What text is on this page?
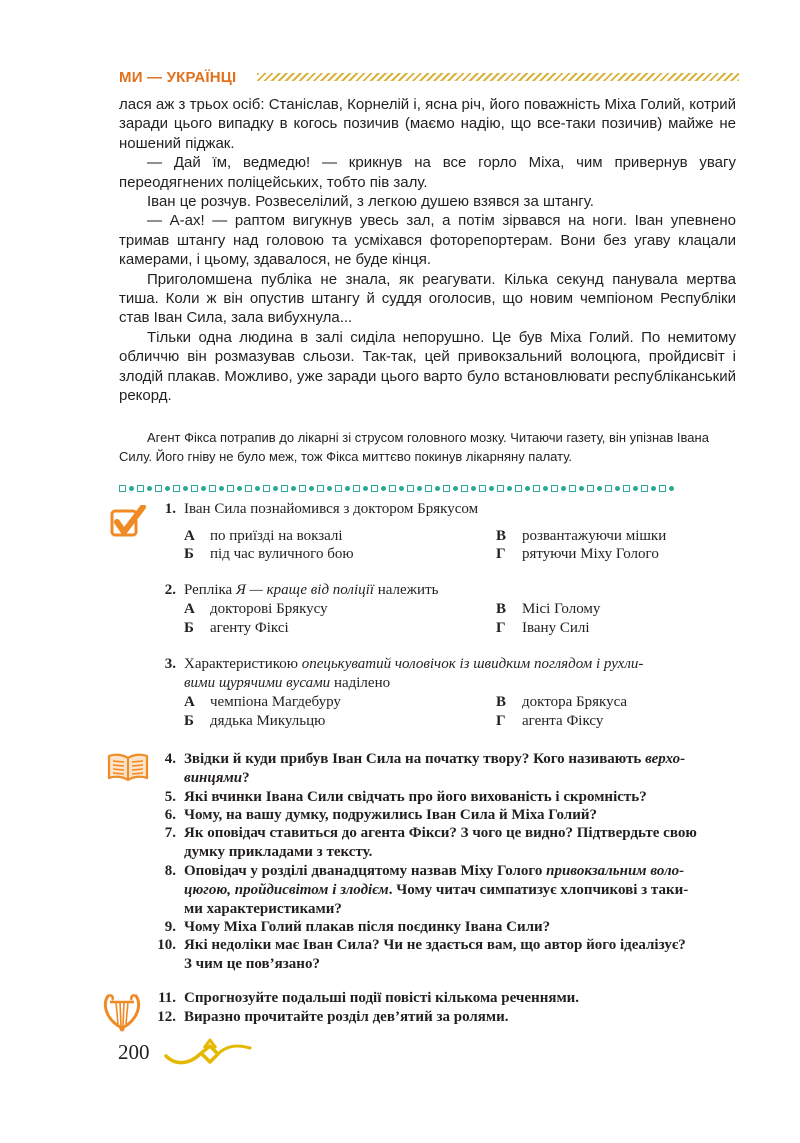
МИ — УКРАЇНЦІ

лася аж з трьох осіб: Станіслав, Корнелій і, ясна річ, його поважність Міха Голий, котрий заради цього випадку в когось позичив (маємо надію, що все-таки позичив) майже не ношений піджак.

— Дай їм, ведмедю! — крикнув на все горло Міха, чим привернув увагу переодягнених поліцейських, тобто пів залу.

Іван це розчув. Розвеселілий, з легкою душею взявся за штангу.

— А-ах! — раптом вигукнув увесь зал, а потім зірвався на ноги. Іван упевнено тримав штангу над головою та усміхався фоторепортерам. Вони без угаву клацали камерами, і цьому, здавалося, не буде кінця.

Приголомшена публіка не знала, як реагувати. Кілька секунд панувала мертва тиша. Коли ж він опустив штангу й суддя оголосив, що новим чемпіоном Республіки став Іван Сила, зала вибухнула...

Тільки одна людина в залі сиділа непорушно. Це був Міха Голий. По немитому обличчю він розмазував сльози. Так-так, цей привокзальний волоцюга, пройдисвіт і злодій плакав. Можливо, уже заради цього варто було встановлювати республіканський рекорд.

Агент Фікса потрапив до лікарні зі струсом головного мозку. Читаючи газету, він упізнав Івана Силу. Його гніву не було меж, тож Фікса миттєво покинув лікарняну палату.

1. Іван Сила познайомився з доктором Брякусом
А по приїзді на вокзалі
Б під час вуличного бою
В розвантажуючи мішки
Г рятуючи Міху Голого
2. Репліка Я — краще від поліції належить
А докторові Брякусу
Б агенту Фіксі
В Місі Голому
Г Івану Силі
3. Характеристикою опецькуватий чоловічок із швидким поглядом і рухли-
вими щурячими вусами наділено
А чемпіона Магдебуру
Б дядька Микульцю
В доктора Брякуса
Г агента Фіксу
4. Звідки й куди прибув Іван Сила на початку твору? Кого називають верхо-
винцями?
5. Які вчинки Івана Сили свідчать про його вихованість і скромність?
6. Чому, на вашу думку, подружились Іван Сила й Міха Голий?
7. Як оповідач ставиться до агента Фікси? З чого це видно? Підтвердьте свою
думку прикладами з тексту.
8. Оповідач у розділі дванадцятому назвав Міху Голого привокзальним воло-
цюгою, пройдисвітом і злодієм. Чому читач симпатизує хлопчикові з таки-
ми характеристиками?
9. Чому Міха Голий плакав після поєдинку Івана Сили?
10. Які недоліки має Іван Сила? Чи не здається вам, що автор його ідеалізує?
З чим це пов’язано?
11. Спрогнозуйте подальші події повісті кількома реченнями.
12. Виразно прочитайте розділ дев’ятий за ролями.
200
